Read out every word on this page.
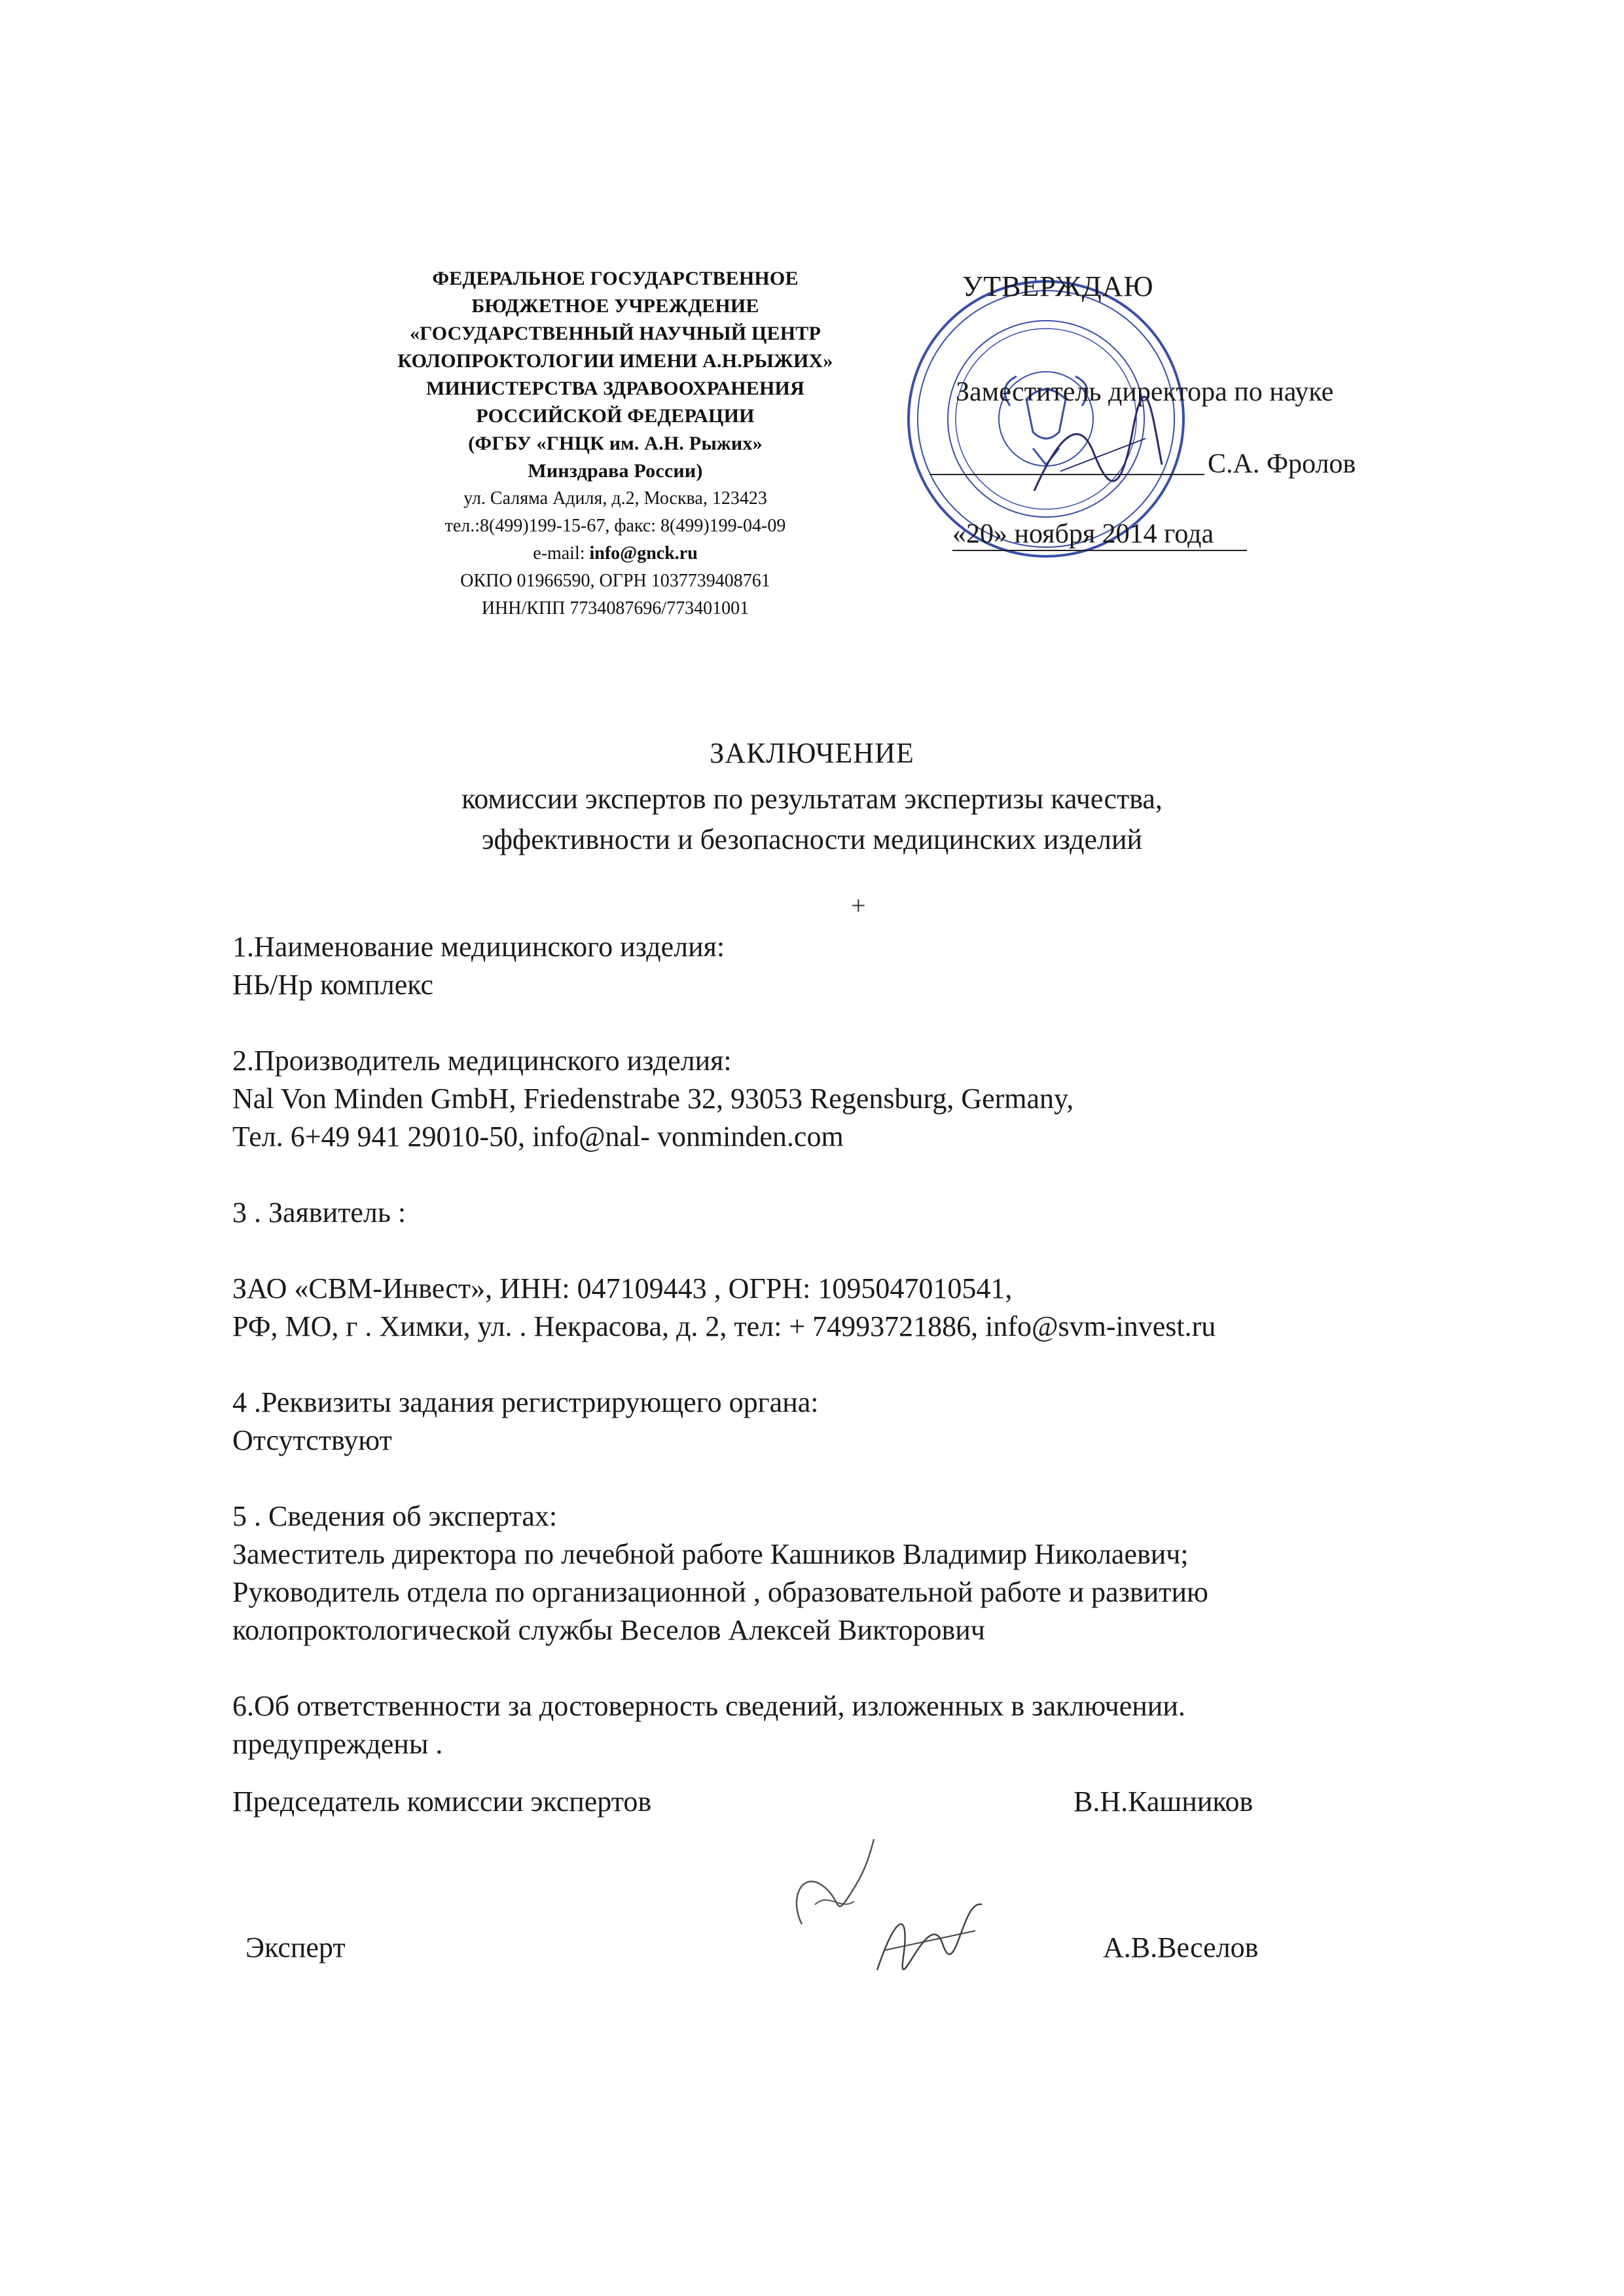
ФЕДЕРАЛЬНОЕ ГОСУДАРСТВЕННОЕ
БЮДЖЕТНОЕ УЧРЕЖДЕНИЕ
«ГОСУДАРСТВЕННЫЙ НАУЧНЫЙ ЦЕНТР
КОЛОПРОКТОЛОГИИ ИМЕНИ А.Н.РЫЖИХ»
МИНИСТЕРСТВА ЗДРАВООХРАНЕНИЯ
РОССИЙСКОЙ ФЕДЕРАЦИИ
(ФГБУ «ГНЦК им. А.Н. Рыжих»
Минздрава России)
ул. Саляма Адиля, д.2, Москва, 123423
тел.:8(499)199-15-67, факс: 8(499)199-04-09
e-mail: info@gnck.ru
ОКПО 01966590, ОГРН 1037739408761
ИНН/КПП 7734087696/773401001
УТВЕРЖДАЮ
Заместитель директора по науке
С.А. Фролов
«20» ноября 2014 года
ЗАКЛЮЧЕНИЕ
комиссии экспертов по результатам экспертизы качества,
эффективности и безопасности медицинских изделий
+

1.Наименование медицинского изделия:

НЬ/Нр комплекс

2.Производитель медицинского изделия:

Nal Von Minden GmbH, Friedenstrabe 32, 93053 Regensburg, Germany,

Тел. 6+49 941 29010-50, info@nal- vonminden.com

3 . Заявитель :

ЗАО «СВМ-Инвест», ИНН: 047109443 , ОГРН: 1095047010541,

РФ, МО, г . Химки, ул. . Некрасова, д. 2, тел: + 74993721886, info@svm-invest.ru

4 .Реквизиты задания регистрирующего органа:

Отсутствуют

5 . Сведения об экспертах:

Заместитель директора по лечебной работе Кашников Владимир Николаевич;

Руководитель отдела по организационной , образовательной работе и развитию

колопроктологической службы Веселов Алексей Викторович

6.Об ответственности за достоверность сведений, изложенных в заключении.

предупреждены .

Председатель комиссии экспертов	В.Н.Кашников
Эксперт	А.В.Веселов
